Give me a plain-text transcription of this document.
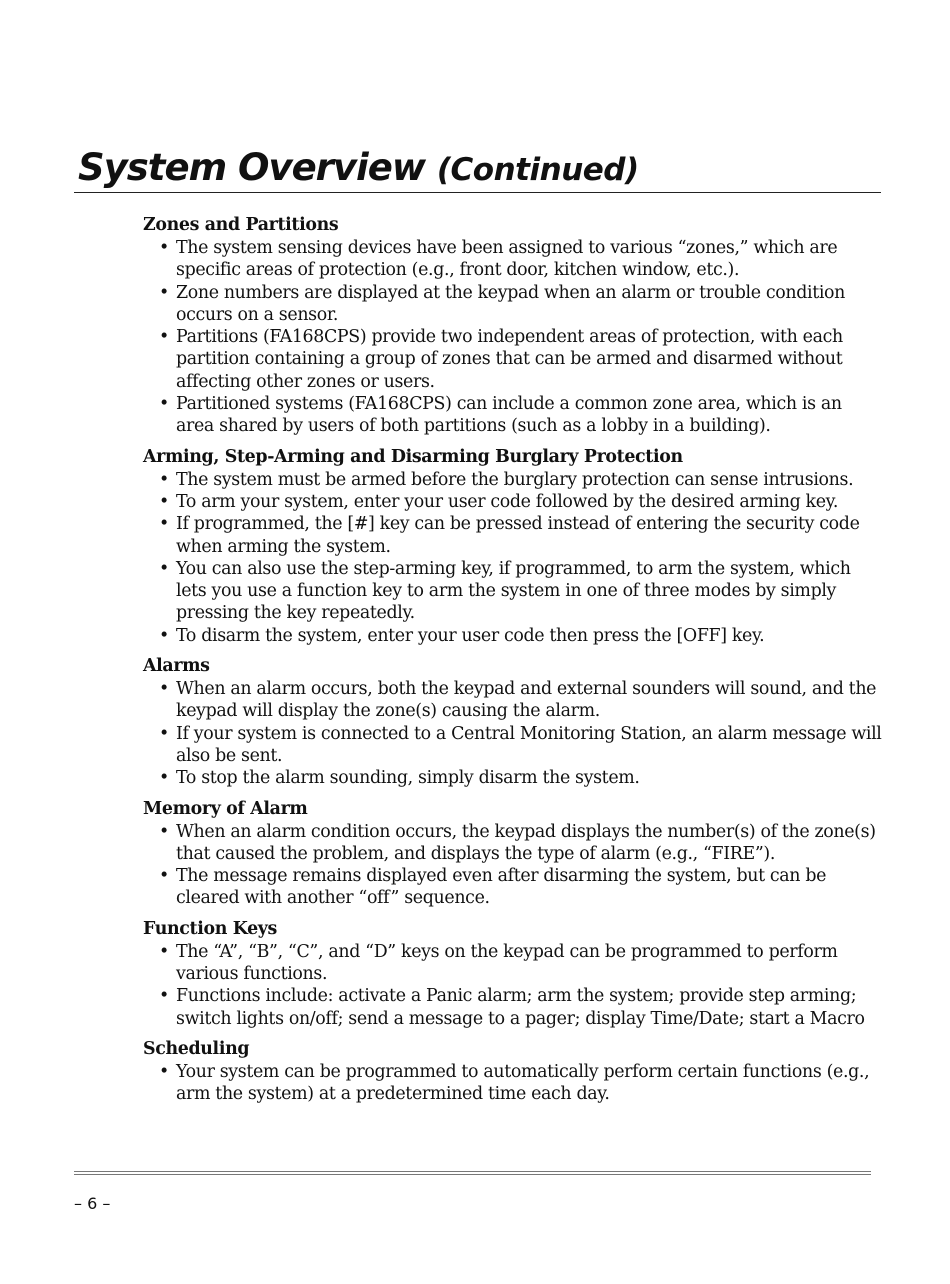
System Overview (Continued)
Zones and Partitions
• The system sensing devices have been assigned to various “zones,” which are specific areas of protection (e.g., front door, kitchen window, etc.).
• Zone numbers are displayed at the keypad when an alarm or trouble condition occurs on a sensor.
• Partitions (FA168CPS) provide two independent areas of protection, with each partition containing a group of zones that can be armed and disarmed without affecting other zones or users.
• Partitioned systems (FA168CPS) can include a common zone area, which is an area shared by users of both partitions (such as a lobby in a building).
Arming, Step-Arming and Disarming Burglary Protection
• The system must be armed before the burglary protection can sense intrusions.
• To arm your system, enter your user code followed by the desired arming key.
• If programmed, the [#] key can be pressed instead of entering the security code when arming the system.
• You can also use the step-arming key, if programmed, to arm the system, which lets you use a function key to arm the system in one of three modes by simply pressing the key repeatedly.
• To disarm the system, enter your user code then press the [OFF] key.
Alarms
• When an alarm occurs, both the keypad and external sounders will sound, and the keypad will display the zone(s) causing the alarm.
• If your system is connected to a Central Monitoring Station, an alarm message will also be sent.
• To stop the alarm sounding, simply disarm the system.
Memory of Alarm
• When an alarm condition occurs, the keypad displays the number(s) of the zone(s) that caused the problem, and displays the type of alarm (e.g., “FIRE”).
• The message remains displayed even after disarming the system, but can be cleared with another “off” sequence.
Function Keys
• The “A”, “B”, “C”, and “D” keys on the keypad can be programmed to perform various functions.
• Functions include: activate a Panic alarm; arm the system; provide step arming; switch lights on/off; send a message to a pager; display Time/Date; start a Macro
Scheduling
• Your system can be programmed to automatically perform certain functions (e.g., arm the system) at a predetermined time each day.
– 6 –
